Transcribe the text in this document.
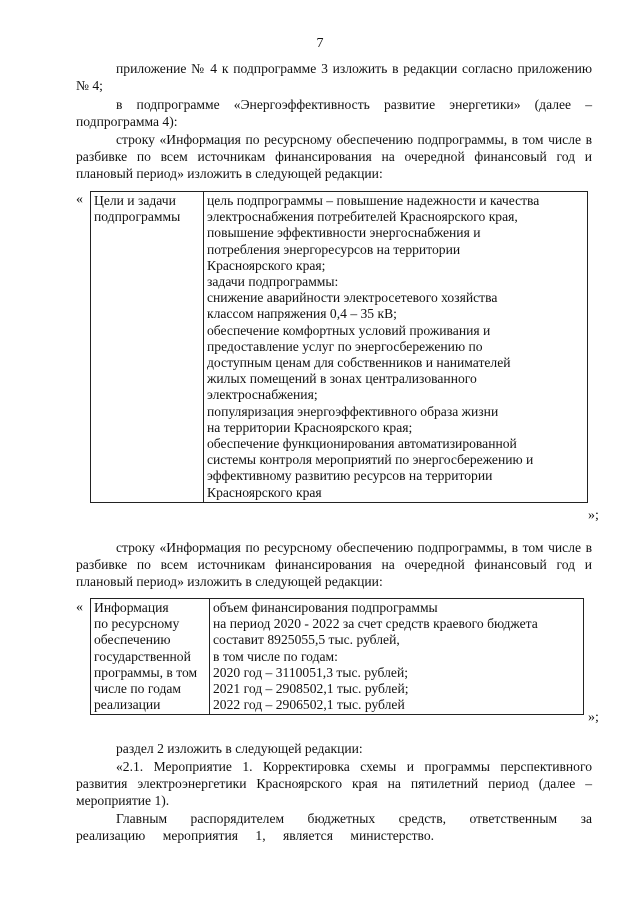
7
приложение № 4 к подпрограмме 3 изложить в редакции согласно приложению № 4;
в подпрограмме «Энергоэффективность развитие энергетики» (далее – подпрограмма 4):
строку «Информация по ресурсному обеспечению подпрограммы, в том числе в разбивке по всем источникам финансирования на очередной финансовый год и плановый период» изложить в следующей редакции:
« Цели и задачи
подпрограммы

цель подпрограммы – повышение надежности и качества
электроснабжения потребителей Красноярского края,
повышение эффективности энергоснабжения и
потребления энергоресурсов на территории
Красноярского края;
задачи подпрограммы:
снижение аварийности электросетевого хозяйства
классом напряжения 0,4 – 35 кВ;
обеспечение комфортных условий проживания и
предоставление услуг по энергосбережению по
доступным ценам для собственников и нанимателей
жилых помещений в зонах централизованного
электроснабжения;
популяризация энергоэффективного образа жизни
на территории Красноярского края;
обеспечение функционирования автоматизированной
системы контроля мероприятий по энергосбережению и
эффективному развитию ресурсов на территории
Красноярского края
»;
строку «Информация по ресурсному обеспечению подпрограммы, в том числе в разбивке по всем источникам финансирования на очередной финансовый год и плановый период» изложить в следующей редакции:
« Информация
по ресурсному
обеспечению
государственной
программы, в том
числе по годам
реализации

объем финансирования подпрограммы
на период 2020 - 2022 за счет средств краевого бюджета
составит 8925055,5 тыс. рублей,
в том числе по годам:
2020 год – 3110051,3 тыс. рублей;
2021 год – 2908502,1 тыс. рублей;
2022 год – 2906502,1 тыс. рублей
»;
раздел 2 изложить в следующей редакции:
«2.1. Мероприятие 1. Корректировка схемы и программы перспективного развития электроэнергетики Красноярского края на пятилетний период (далее – мероприятие 1).
Главным распорядителем бюджетных средств, ответственным за реализацию мероприятия 1, является министерство.
